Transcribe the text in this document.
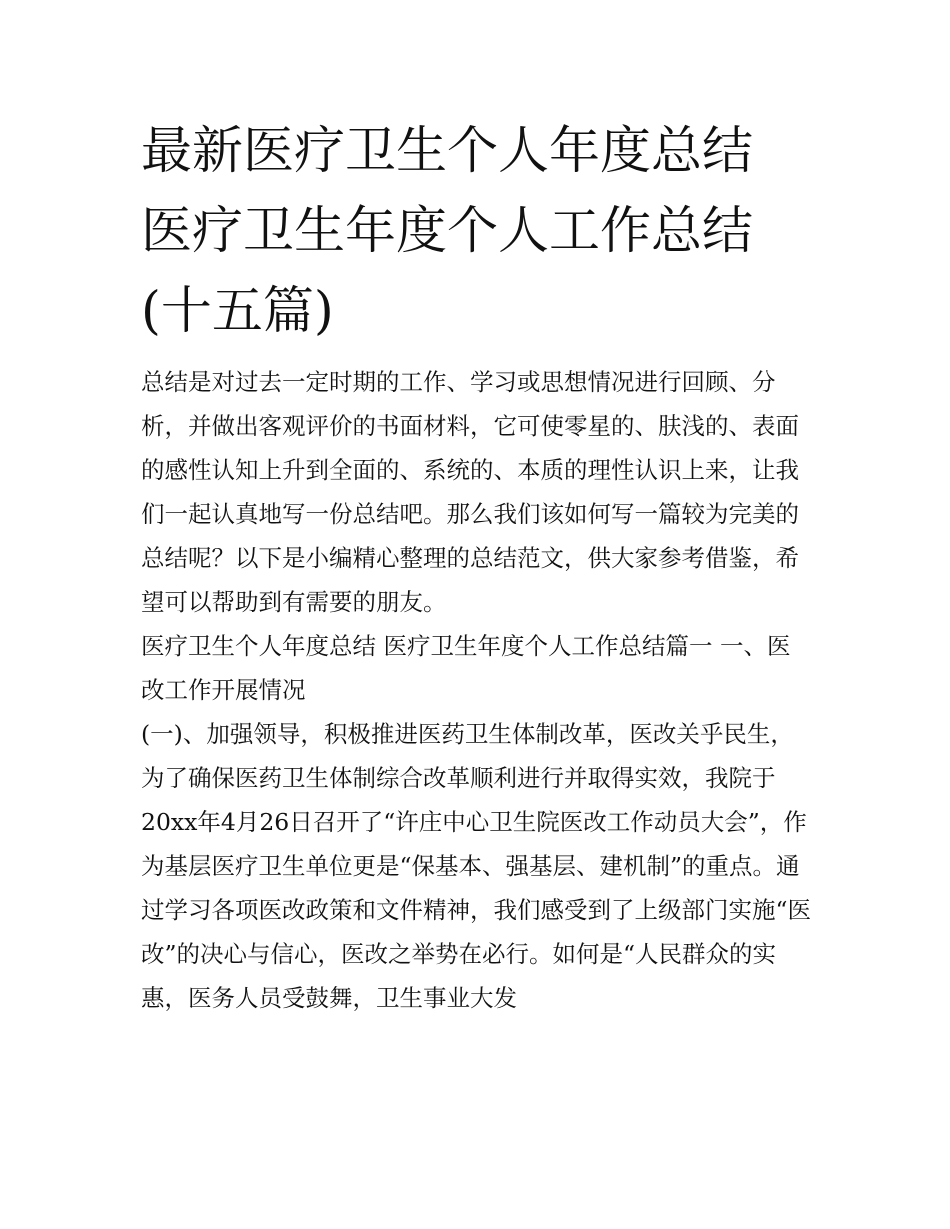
最新医疗卫生个人年度总结 医疗卫生年度个人工作总结(十五篇)

总结是对过去一定时期的工作、学习或思想情况进行回顾、分析，并做出客观评价的书面材料，它可使零星的、肤浅的、表面的感性认知上升到全面的、系统的、本质的理性认识上来，让我们一起认真地写一份总结吧。那么我们该如何写一篇较为完美的总结呢？以下是小编精心整理的总结范文，供大家参考借鉴，希望可以帮助到有需要的朋友。

医疗卫生个人年度总结 医疗卫生年度个人工作总结篇一 一、医改工作开展情况

(一)、加强领导，积极推进医药卫生体制改革，医改关乎民生，为了确保医药卫生体制综合改革顺利进行并取得实效，我院于20xx年4月26日召开了“许庄中心卫生院医改工作动员大会”，作为基层医疗卫生单位更是“保基本、强基层、建机制”的重点。通过学习各项医改政策和文件精神，我们感受到了上级部门实施“医改”的决心与信心，医改之举势在必行。如何是“人民群众的实惠，医务人员受鼓舞，卫生事业大发
